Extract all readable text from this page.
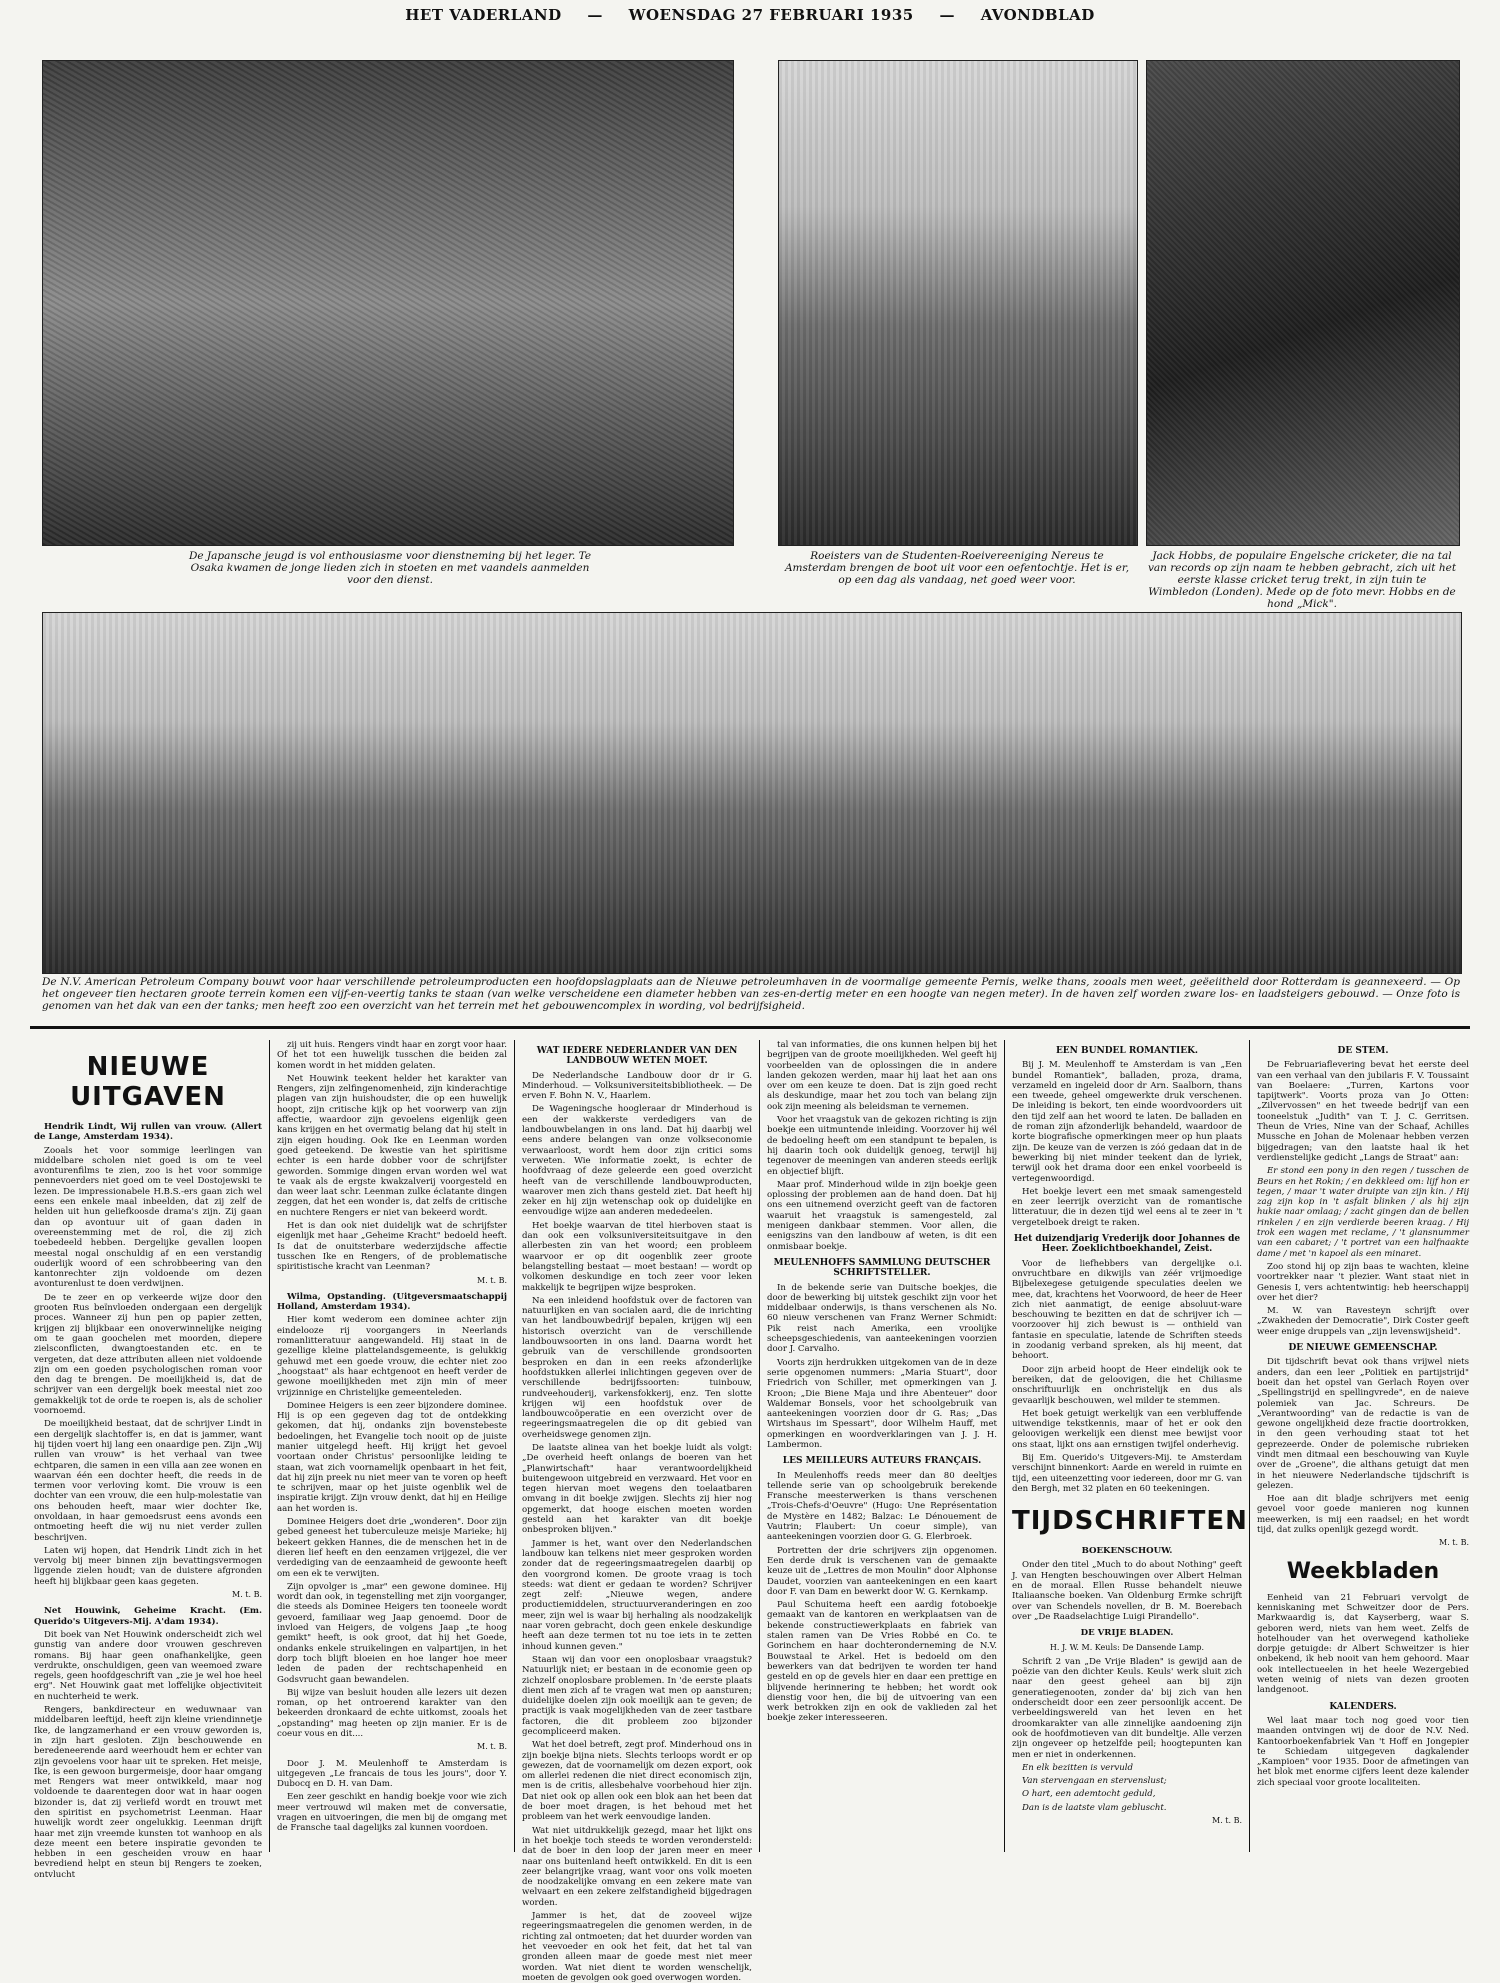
HET VADERLAND — WOENSDAG 27 FEBRUARI 1935 — AVONDBLAD
De Japansche jeugd is vol enthousiasme voor dienstneming bij het leger. Te Osaka kwamen de jonge lieden zich in stoeten en met vaandels aanmelden voor den dienst.
Roeisters van de Studenten-Roeivereeniging Nereus te Amsterdam brengen de boot uit voor een oefentochtje. Het is er, op een dag als vandaag, net goed weer voor.
Jack Hobbs, de populaire Engelsche cricketer, die na tal van records op zijn naam te hebben gebracht, zich uit het eerste klasse cricket terug trekt, in zijn tuin te Wimbledon (Londen). Mede op de foto mevr. Hobbs en de hond „Mick".
De N.V. American Petroleum Company bouwt voor haar verschillende petroleumproducten een hoofdopslagplaats aan de Nieuwe petroleumhaven in de voormalige gemeente Pernis, welke thans, zooals men weet, geëeiitheld door Rotterdam is geannexeerd. — Op het ongeveer tien hectaren groote terrein komen een vijf-en-veertig tanks te staan (van welke verscheidene een diameter hebben van zes-en-dertig meter en een hoogte van negen meter). In de haven zelf worden zware los- en laadsteigers gebouwd. — Onze foto is genomen van het dak van een der tanks; men heeft zoo een overzicht van het terrein met het gebouwencomplex in wording, vol bedrijfsigheid.
NIEUWE UITGAVEN

Hendrik Lindt, Wij rullen van vrouw. (Allert de Lange, Amsterdam 1934).

Zooals het voor sommige leerlingen van middelbare scholen niet goed is om te veel avonturenfilms te zien, zoo is het voor sommige pennevoerders niet goed om te veel Dostojewski te lezen. De impressionabele H.B.S.-ers gaan zich wel eens een enkele maal inbeelden, dat zij zelf de helden uit hun geliefkoosde drama's zijn. Zij gaan dan op avontuur uit of gaan daden in overeenstemming met de rol, die zij zich toebedeeld hebben. Dergelijke gevallen loopen meestal nogal onschuldig af en een verstandig ouderlijk woord of een schrobbeering van den kantonrechter zijn voldoende om dezen avonturenlust te doen verdwijnen.

De te zeer en op verkeerde wijze door den grooten Rus beïnvloeden ondergaan een dergelijk proces. Wanneer zij hun pen op papier zetten, krijgen zij blijkbaar een onoverwinnelijke neiging om te gaan goochelen met moorden, diepere zielsconflicten, dwangtoestanden etc. en te vergeten, dat deze attributen alleen niet voldoende zijn om een goeden psychologischen roman voor den dag te brengen. De moeilijkheid is, dat de schrijver van een dergelijk boek meestal niet zoo gemakkelijk tot de orde te roepen is, als de scholier voornoemd.

De moeilijkheid bestaat, dat de schrijver Lindt in een dergelijk slachtoffer is, en dat is jammer, want hij tijden voert hij lang een onaardige pen. Zijn „Wij rullen van vrouw" is het verhaal van twee echtparen, die samen in een villa aan zee wonen en waarvan één een dochter heeft, die reeds in de termen voor verloving komt. Die vrouw is een dochter van een vrouw, die een hulp-molestatie van ons behouden heeft, maar wier dochter Ike, onvoldaan, in haar gemoedsrust eens avonds een ontmoeting heeft die wij nu niet verder zullen beschrijven.

Laten wij hopen, dat Hendrik Lindt zich in het vervolg bij meer binnen zijn bevattingsvermogen liggende zielen houdt; van de duistere afgronden heeft hij blijkbaar geen kaas gegeten.

M. t. B.

Net Houwink, Geheime Kracht. (Em. Querido's Uitgevers-Mij. A'dam 1934).

Dit boek van Net Houwink onderscheidt zich wel gunstig van andere door vrouwen geschreven romans. Bij haar geen onafhankelijke, geen verdrukte, onschuldigen, geen van weemoed zware regels, geen hoofdgeschrift van „zie je wel hoe heel erg". Net Houwink gaat met loffelijke objectiviteit en nuchterheid te werk.

Rengers, bankdirecteur en weduwnaar van middelbaren leeftijd, heeft zijn kleine vriendinnetje Ike, de langzamerhand er een vrouw geworden is, in zijn hart gesloten. Zijn beschouwende en beredeneerende aard weerhoudt hem er echter van zijn gevoelens voor haar uit te spreken. Het meisje, Ike, is een gewoon burgermeisje, door haar omgang met Rengers wat meer ontwikkeld, maar nog voldoende te daarentegen door wat in haar oogen bizonder is, dat zij verliefd wordt en trouwt met den spiritist en psychometrist Leenman. Haar huwelijk wordt zeer ongelukkig. Leenman drijft haar met zijn vreemde kunsten tot wanhoop en als deze meent een betere inspiratie gevonden te hebben in een gescheiden vrouw en haar bevrediend helpt en steun bij Rengers te zoeken, ontvlucht

zij uit huis. Rengers vindt haar en zorgt voor haar. Of het tot een huwelijk tusschen die beiden zal komen wordt in het midden gelaten.

Net Houwink teekent helder het karakter van Rengers, zijn zelfingenomenheid, zijn kinderachtige plagen van zijn huishoudster, die op een huwelijk hoopt, zijn critische kijk op het voorwerp van zijn affectie, waardoor zijn gevoelens eigenlijk geen kans krijgen en het overmatig belang dat hij stelt in zijn eigen houding. Ook Ike en Leenman worden goed geteekend. De kwestie van het spiritisme echter is een harde dobber voor de schrijfster geworden. Sommige dingen ervan worden wel wat te vaak als de ergste kwakzalverij voorgesteld en dan weer laat schr. Leenman zulke éclatante dingen zeggen, dat het een wonder is, dat zelfs de critische en nuchtere Rengers er niet van bekeerd wordt.

Het is dan ook niet duidelijk wat de schrijfster eigenlijk met haar „Geheime Kracht" bedoeld heeft. Is dat de onuitsterbare wederzijdsche affectie tusschen Ike en Rengers, of de problematische spiritistische kracht van Leenman?

M. t. B.

Wilma, Opstanding. (Uitgeversmaatschappij Holland, Amsterdam 1934).

Hier komt wederom een dominee achter zijn eindelooze rij voorgangers in Neerlands romanlitteratuur aangewandeld. Hij staat in de gezellige kleine plattelandsgemeente, is gelukkig gehuwd met een goede vrouw, die echter niet zoo „hoogstaat" als haar echtgenoot en heeft verder de gewone moeilijkheden met zijn min of meer vrijzinnige en Christelijke gemeenteleden.

Dominee Heigers is een zeer bijzondere dominee. Hij is op een gegeven dag tot de ontdekking gekomen, dat hij, ondanks zijn bovenstebeste bedoelingen, het Evangelie toch nooit op de juiste manier uitgelegd heeft. Hij krijgt het gevoel voortaan onder Christus' persoonlijke leiding te staan, wat zich voornamelijk openbaart in het feit, dat hij zijn preek nu niet meer van te voren op heeft te schrijven, maar op het juiste ogenblik wel de inspiratie krijgt. Zijn vrouw denkt, dat hij en Heilige aan het worden is.

Dominee Heigers doet drie „wonderen". Door zijn gebed geneest het tuberculeuze meisje Marieke; hij bekeert gekken Hannes, die de menschen het in de dieren lief heeft en den eenzamen vrijgezel, die ver verdediging van de eenzaamheid de gewoonte heeft om een ek te verwijten.

Zijn opvolger is „mar" een gewone dominee. Hij wordt dan ook, in tegenstelling met zijn voorganger, die steeds als Dominee Heigers ten tooneele wordt gevoerd, familiaar weg Jaap genoemd. Door de invloed van Heigers, de volgens Jaap „te hoog gemikt" heeft, is ook groot, dat hij het Goede, ondanks enkele struikelingen en valpartijen, in het dorp toch blijft bloeien en hoe langer hoe meer leden de paden der rechtschapenheid en Godsvrucht gaan bewandelen.

Bij wijze van besluit houden alle lezers uit dezen roman, op het ontroerend karakter van den bekeerden dronkaard de echte uitkomst, zooals het „opstanding" mag heeten op zijn manier. Er is de coeur vous en dit....

M. t. B.

Door J. M. Meulenhoff te Amsterdam is uitgegeven „Le francais de tous les jours", door Y. Dubocq en D. H. van Dam.

Een zeer geschikt en handig boekje voor wie zich meer vertrouwd wil maken met de conversatie, vragen en uitvoeringen, die men bij de omgang met de Fransche taal dagelijks zal kunnen voordoen.

WAT IEDERE NEDERLANDER VAN DEN LANDBOUW WETEN MOET.

De Nederlandsche Landbouw door dr ir G. Minderhoud. — Volksuniversiteitsbibliotheek. — De erven F. Bohn N. V., Haarlem.

De Wageningsche hoogleraar dr Minderhoud is een der wakkerste verdedigers van de landbouwbelangen in ons land. Dat hij daarbij wel eens andere belangen van onze volkseconomie verwaarloost, wordt hem door zijn critici soms verweten. Wie informatie zoekt, is echter de hoofdvraag of deze geleerde een goed overzicht heeft van de verschillende landbouwproducten, waarover men zich thans gesteld ziet. Dat heeft hij zeker en hij zijn wetenschap ook op duidelijke en eenvoudige wijze aan anderen mededeelen.

Het boekje waarvan de titel hierboven staat is dan ook een volksuniversiteitsuitgave in den allerbesten zin van het woord; een probleem waarvoor er op dit oogenblik zeer groote belangstelling bestaat — moet bestaan! — wordt op volkomen deskundige en toch zeer voor leken makkelijk te begrijpen wijze besproken.

Na een inleidend hoofdstuk over de factoren van natuurlijken en van socialen aard, die de inrichting van het landbouwbedrijf bepalen, krijgen wij een historisch overzicht van de verschillende landbouwsoorten in ons land. Daarna wordt het gebruik van de verschillende grondsoorten besproken en dan in een reeks afzonderlijke hoofdstukken allerlei inlichtingen gegeven over de verschillende bedrijfssoorten: tuinbouw, rundveehouderij, varkensfokkerij, enz. Ten slotte krijgen wij een hoofdstuk over de landbouwcoöperatie en een overzicht over de regeeringsmaatregelen die op dit gebied van overheidswege genomen zijn.

De laatste alinea van het boekje luidt als volgt: „De overheid heeft onlangs de boeren van het „Planwirtschaft" haar verantwoordelijkheid buitengewoon uitgebreid en verzwaard. Het voor en tegen hiervan moet wegens den toelaatbaren omvang in dit boekje zwijgen. Slechts zij hier nog opgemerkt, dat hooge eischen moeten worden gesteld aan het karakter van dit boekje onbesproken blijven."

Jammer is het, want over den Nederlandschen landbouw kan telkens niet meer gesproken worden zonder dat de regeeringsmaatregelen daarbij op den voorgrond komen. De groote vraag is toch steeds: wat dient er gedaan te worden? Schrijver zegt zelf: „Nieuwe wegen, andere productiemiddelen, structuurveranderingen en zoo meer, zijn wel is waar bij herhaling als noodzakelijk naar voren gebracht, doch geen enkele deskundige heeft aan deze termen tot nu toe iets in te zetten inhoud kunnen geven."

Staan wij dan voor een onoplosbaar vraagstuk? Natuurlijk niet; er bestaan in de economie geen op zichzelf onoplosbare problemen. In 'de eerste plaats dient men zich af te vragen wat men op aansturen; duidelijke doelen zijn ook moeilijk aan te geven; de practijk is vaak mogelijkheden van de zeer tastbare factoren, die dit probleem zoo bijzonder gecompliceerd maken.

Wat het doel betreft, zegt prof. Minderhoud ons in zijn boekje bijna niets. Slechts terloops wordt er op gewezen, dat de voornamelijk om dezen export, ook om allerlei redenen die niet direct economisch zijn, men is de critis, allesbehalve voorbehoud hier zijn. Dat niet ook op allen ook een blok aan het been dat de boer moet dragen, is het behoud met het probleem van het werk eenvoudige landen.

Wat niet uitdrukkelijk gezegd, maar het lijkt ons in het boekje toch steeds te worden verondersteld: dat de boer in den loop der jaren meer en meer naar ons buitenland heeft ontwikkeld. En dit is een zeer belangrijke vraag, want voor ons volk moeten de noodzakelijke omvang en een zekere mate van welvaart en een zekere zelfstandigheid bijgedragen worden.

Jammer is het, dat de zooveel wijze regeeringsmaatregelen die genomen werden, in de richting zal ontmoeten; dat het duurder worden van het veevoeder en ook het feit, dat het tal van gronden alleen maar de goede mest niet meer worden. Wat niet dient te worden wenschelijk, moeten de gevolgen ook goed overwogen worden.

tal van informaties, die ons kunnen helpen bij het begrijpen van de groote moeilijkheden. Wel geeft hij voorbeelden van de oplossingen die in andere landen gekozen werden, maar hij laat het aan ons over om een keuze te doen. Dat is zijn goed recht als deskundige, maar het zou toch van belang zijn ook zijn meening als beleidsman te vernemen.

Voor het vraagstuk van de gekozen richting is zijn boekje een uitmuntende inleiding. Voorzover hij wél de bedoeling heeft om een standpunt te bepalen, is hij daarin toch ook duidelijk genoeg, terwijl hij tegenover de meeningen van anderen steeds eerlijk en objectief blijft.

Maar prof. Minderhoud wilde in zijn boekje geen oplossing der problemen aan de hand doen. Dat hij ons een uitnemend overzicht geeft van de factoren waaruit het vraagstuk is samengesteld, zal menigeen dankbaar stemmen. Voor allen, die eenigszins van den landbouw af weten, is dit een onmisbaar boekje.

MEULENHOFFS SAMMLUNG DEUTSCHER SCHRIFTSTELLER.

In de bekende serie van Duitsche boekjes, die door de bewerking bij uitstek geschikt zijn voor het middelbaar onderwijs, is thans verschenen als No. 60 nieuw verschenen van Franz Werner Schmidt: Pik reist nach Amerika, een vroolijke scheepsgeschiedenis, van aanteekeningen voorzien door J. Carvalho.

Voorts zijn herdrukken uitgekomen van de in deze serie opgenomen nummers: „Maria Stuart", door Friedrich von Schiller, met opmerkingen van J. Kroon; „Die Biene Maja und ihre Abenteuer" door Waldemar Bonsels, voor het schoolgebruik van aanteekeningen voorzien door dr G. Ras; „Das Wirtshaus im Spessart", door Wilhelm Hauff, met opmerkingen en woordverklaringen van J. J. H. Lambermon.

LES MEILLEURS AUTEURS FRANÇAIS.

In Meulenhoffs reeds meer dan 80 deeltjes tellende serie van op schoolgebruik berekende Fransche meesterwerken is thans verschenen „Trois-Chefs-d'Oeuvre" (Hugo: Une Représentation de Mystère en 1482; Balzac: Le Dénouement de Vautrin; Flaubert: Un coeur simple), van aanteekeningen voorzien door G. G. Elerbroek.

Portretten der drie schrijvers zijn opgenomen. Een derde druk is verschenen van de gemaakte keuze uit de „Lettres de mon Moulin" door Alphonse Daudet, voorzien van aanteekeningen en een kaart door F. van Dam en bewerkt door W. G. Kernkamp.

Paul Schuitema heeft een aardig fotoboekje gemaakt van de kantoren en werkplaatsen van de bekende constructiewerkplaats en fabriek van stalen ramen van De Vries Robbé en Co. te Gorinchem en haar dochteronderneming de N.V. Bouwstaal te Arkel. Het is bedoeld om den bewerkers van dat bedrijven te worden ter hand gesteld en op de gevels hier en daar een prettige en blijvende herinnering te hebben; het wordt ook dienstig voor hen, die bij de uitvoering van een werk betrokken zijn en ook de vaklieden zal het boekje zeker interesseeren.

EEN BUNDEL ROMANTIEK.

Bij J. M. Meulenhoff te Amsterdam is van „Een bundel Romantiek", balladen, proza, drama, verzameld en ingeleid door dr Arn. Saalborn, thans een tweede, geheel omgewerkte druk verschenen. De inleiding is bekort, ten einde woordvoorders uit den tijd zelf aan het woord te laten. De balladen en de roman zijn afzonderlijk behandeld, waardoor de korte biografische opmerkingen meer op hun plaats zijn. De keuze van de verzen is zóó gedaan dat in de bewerking bij niet minder teekent dan de lyriek, terwijl ook het drama door een enkel voorbeeld is vertegenwoordigd.

Het boekje levert een met smaak samengesteld en zeer leerrijk overzicht van de romantische litteratuur, die in dezen tijd wel eens al te zeer in 't vergetelboek dreigt te raken.

Het duizendjarig Vrederijk door Johannes de Heer. Zoeklichtboekhandel, Zeist.

Voor de liefhebbers van dergelijke o.i. onvruchtbare en dikwijls van zéér vrijmoedige Bijbelexegese getuigende speculaties deelen we mee, dat, krachtens het Voorwoord, de heer de Heer zich niet aanmatigt, de eenige absoluut-ware beschouwing te bezitten en dat de schrijver ich — voorzoover hij zich bewust is — onthield van fantasie en speculatie, latende de Schriften steeds in zoodanig verband spreken, als hij meent, dat behoort.

Door zijn arbeid hoopt de Heer eindelijk ook te bereiken, dat de geloovigen, die het Chiliasme onschriftuurlijk en onchristelijk en dus als gevaarlijk beschouwen, wel milder te stemmen.

Het boek getuigt werkelijk van een verbluffende uitwendige tekstkennis, maar of het er ook den geloovigen werkelijk een dienst mee bewijst voor ons staat, lijkt ons aan ernstigen twijfel onderhevig.

Bij Em. Querido's Uitgevers-Mij. te Amsterdam verschijnt binnenkort: Aarde en wereld in ruimte en tijd, een uiteenzetting voor iedereen, door mr G. van den Bergh, met 32 platen en 60 teekeningen.

TIJDSCHRIFTEN
BOEKENSCHOUW.

Onder den titel „Much to do about Nothing" geeft J. van Hengten beschouwingen over Albert Helman en de moraal. Ellen Russe behandelt nieuwe Italiaansche boeken. Van Oldenburg Ermke schrijft over van Schendels novellen, dr B. M. Boerebach over „De Raadselachtige Luigi Pirandello".

DE VRIJE BLADEN.
H. J. W. M. Keuls: De Dansende Lamp.

Schrift 2 van „De Vrije Bladen" is gewijd aan de poëzie van den dichter Keuls. Keuls' werk sluit zich naar den geest geheel aan bij zijn generatiegenooten, zonder da' bij zich van hen onderscheidt door een zeer persoonlijk accent. De verbeeldingswereld van het leven en het droomkarakter van alle zinnelijke aandoening zijn ook de hoofdmotieven van dit bundeltje. Alle verzen zijn ongeveer op hetzelfde peil; hoogtepunten kan men er niet in onderkennen.

En elk bezitten is vervuld

Van stervengaan en stervenslust;

O hart, een ademtocht geduld,

Dan is de laatste vlam gebluscht.

M. t. B.

DE STEM.

De Februariaflevering bevat het eerste deel van een verhaal van den jubilaris F. V. Toussaint van Boelaere: „Turren, Kartons voor tapijtwerk". Voorts proza van Jo Otten: „Zilvervossen" en het tweede bedrijf van een tooneelstuk „Judith" van T. J. C. Gerritsen. Theun de Vries, Nine van der Schaaf, Achilles Mussche en Johan de Molenaar hebben verzen bijgedragen; van den laatste haal ik het verdienstelijke gedicht „Langs de Straat" aan:

Er stond een pony in den regen / tusschen de Beurs en het Rokin; / en dekkleed om: lijf hon er tegen, / maar 't water druipte van zijn kin. / Hij zag zijn kop in 't asfalt blinken / als hij zijn hukie naar omlaag; / zacht gingen dan de bellen rinkelen / en zijn verdierde beeren kraag. / Hij trok een wagen met reclame, / 't glansnummer van een cabaret; / 't portret van een halfnaakte dame / met 'n kapoel als een minaret.

Zoo stond hij op zijn baas te wachten, kleine voortrekker naar 't plezier. Want staat niet in Genesis I, vers achtentwintig: heb heerschappij over het dier?

M. W. van Ravesteyn schrijft over „Zwakheden der Democratie", Dirk Coster geeft weer enige druppels van „zijn levenswijsheid".

DE NIEUWE GEMEENSCHAP.

Dit tijdschrift bevat ook thans vrijwel niets anders, dan een leer „Politiek en partijstrijd" boeit dan het opstel van Gerlach Royen over „Spellingstrijd en spellingvrede", en de naieve polemiek van Jac. Schreurs. De „Verantwoording" van de redactie is van de gewone ongelijkheid deze fractie doortrokken, in den geen verhouding staat tot het geprezeerde. Onder de polemische rubrieken vindt men ditmaal een beschouwing van Kuyle over de „Groene", die althans getuigt dat men in het nieuwere Nederlandsche tijdschrift is gelezen.

Hoe aan dit bladje schrijvers met eenig gevoel voor goede manieren nog kunnen meewerken, is mij een raadsel; en het wordt tijd, dat zulks openlijk gezegd wordt.

M. t. B.

Weekbladen

Eenheid van 21 Februari vervolgt de kenniskaning met Schweitzer door de Pers. Markwaardig is, dat Kayserberg, waar S. geboren werd, niets van hem weet. Zelfs de hotelhouder van het overwegend katholieke dorpje getuigde: dr Albert Schweitzer is hier onbekend, ik heb nooit van hem gehoord. Maar ook intellectueelen in het heele Wezergebied weten weinig of niets van dezen grooten landgenoot.

KALENDERS.

Wel laat maar toch nog goed voor tien maanden ontvingen wij de door de N.V. Ned. Kantoorboekenfabriek Van 't Hoff en Jongepier te Schiedam uitgegeven dagkalender „Kampioen" voor 1935. Door de afmetingen van het blok met enorme cijfers leent deze kalender zich speciaal voor groote localiteiten.
